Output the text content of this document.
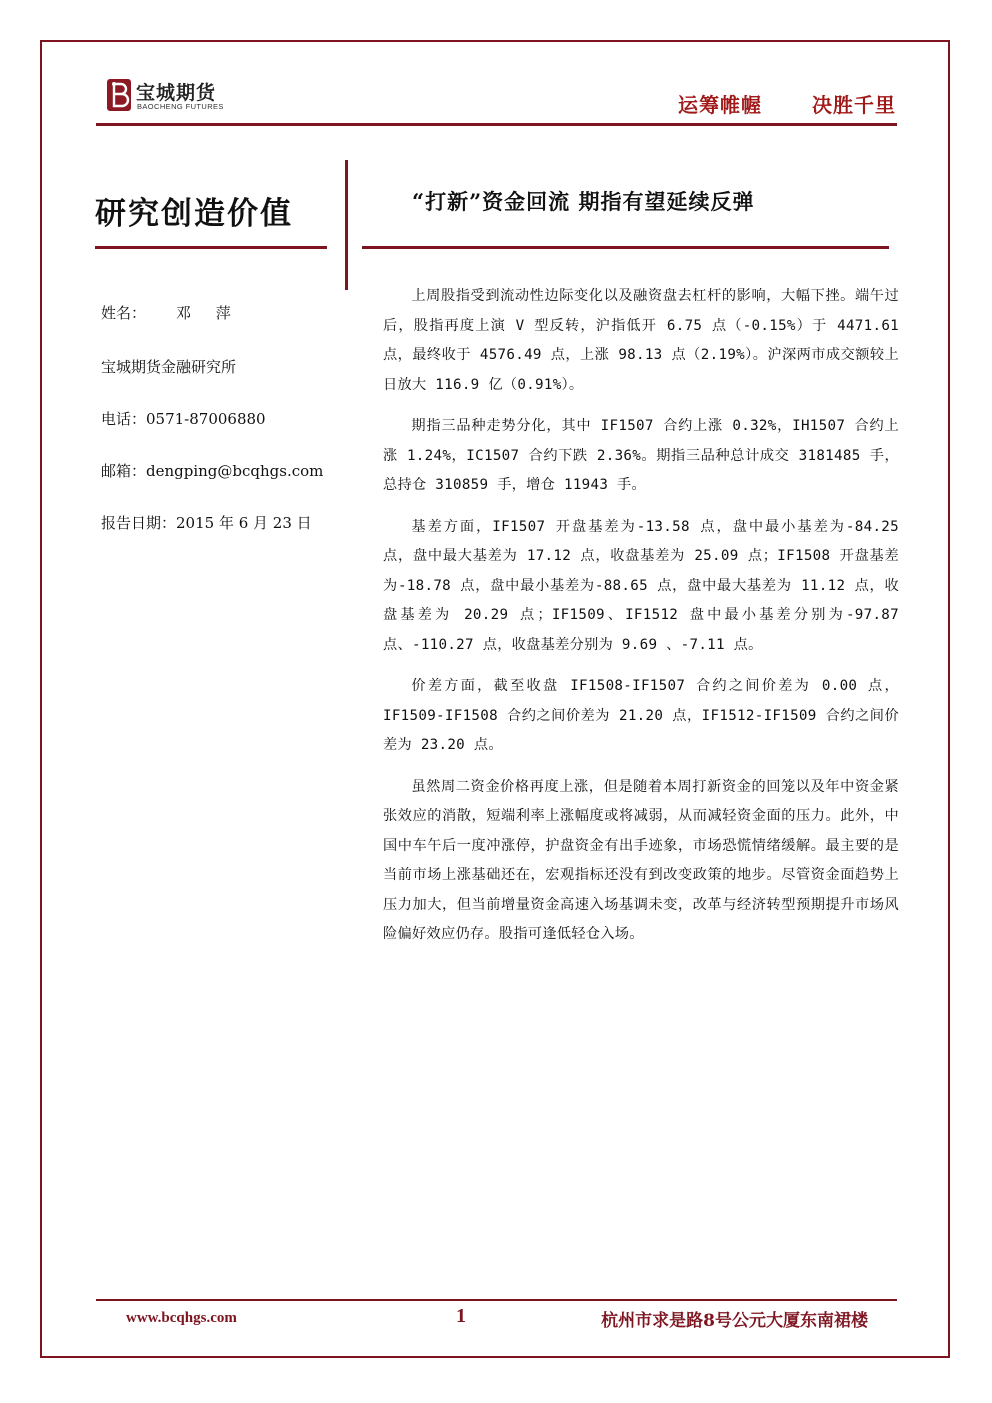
宝城期货
BAOCHENG FUTURES	运筹帷幄	决胜千里
研究创造价值
姓名： 邓 萍
宝城期货金融研究所
电话：0571-87006880
邮箱：dengping@bcqhgs.com
报告日期：2015 年 6 月 23 日
“打新”资金回流 期指有望延续反弹

上周股指受到流动性边际变化以及融资盘去杠杆的影响，大幅下挫。端午过后，股指再度上演 V 型反转，沪指低开 6.75 点（-0.15%）于 4471.61 点，最终收于 4576.49 点，上涨 98.13 点（2.19%）。沪深两市成交额较上日放大 116.9 亿（0.91%）。

期指三品种走势分化，其中 IF1507 合约上涨 0.32%，IH1507 合约上涨 1.24%，IC1507 合约下跌 2.36%。期指三品种总计成交 3181485 手，总持仓 310859 手，增仓 11943 手。

基差方面，IF1507 开盘基差为-13.58 点，盘中最小基差为-84.25 点，盘中最大基差为 17.12 点，收盘基差为 25.09 点；IF1508 开盘基差为-18.78 点，盘中最小基差为-88.65 点，盘中最大基差为 11.12 点，收盘基差为 20.29 点；IF1509、IF1512 盘中最小基差分别为-97.87 点、-110.27 点，收盘基差分别为 9.69 、-7.11 点。

价差方面，截至收盘 IF1508-IF1507 合约之间价差为 0.00 点，IF1509-IF1508 合约之间价差为 21.20 点，IF1512-IF1509 合约之间价差为 23.20 点。

虽然周二资金价格再度上涨，但是随着本周打新资金的回笼以及年中资金紧张效应的消散，短端利率上涨幅度或将减弱，从而减轻资金面的压力。此外，中国中车午后一度冲涨停，护盘资金有出手迹象，市场恐慌情绪缓解。最主要的是当前市场上涨基础还在，宏观指标还没有到改变政策的地步。尽管资金面趋势上压力加大，但当前增量资金高速入场基调未变，改革与经济转型预期提升市场风险偏好效应仍存。股指可逢低轻仓入场。

www.bcqhgs.com	1	杭州市求是路8号公元大厦东南裙楼
